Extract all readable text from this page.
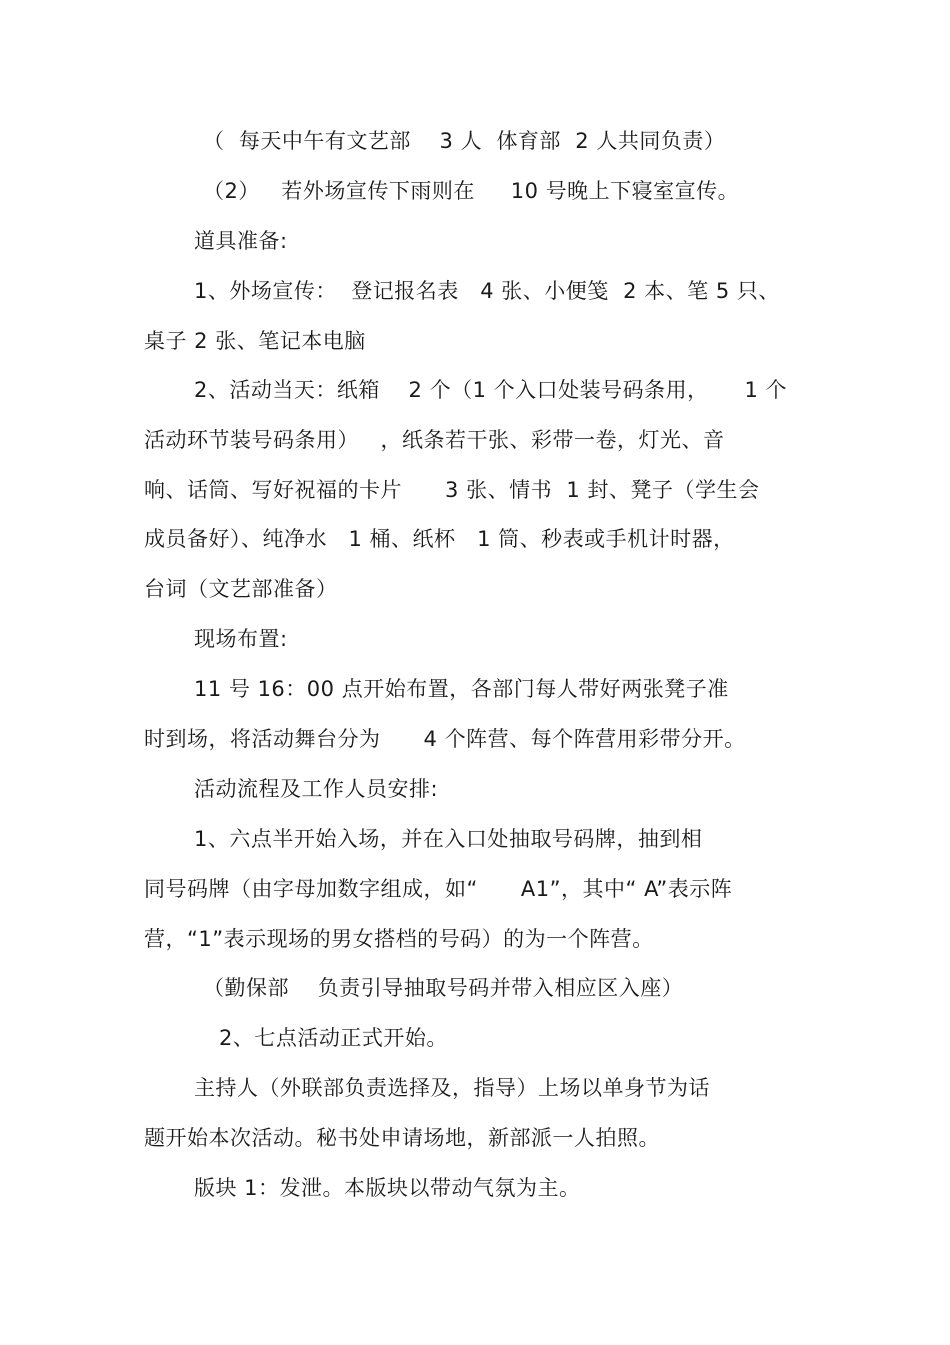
（  每天中午有文艺部    3 人  体育部  2 人共同负责）
（2）   若外场宣传下雨则在     10 号晚上下寝室宣传。
道具准备:
1、外场宣传：  登记报名表   4 张、小便笺  2 本、笔 5 只、
桌子 2 张、笔记本电脑
2、活动当天：纸箱    2 个（1 个入口处装号码条用，     1 个
活动环节装号码条用）   ，纸条若干张、彩带一卷，灯光、音
响、话筒、写好祝福的卡片      3 张、情书  1 封、凳子（学生会
成员备好）、纯净水   1 桶、纸杯   1 筒、秒表或手机计时器，
台词（文艺部准备）
现场布置:
11 号 16：00 点开始布置，各部门每人带好两张凳子准
时到场，将活动舞台分为      4 个阵营、每个阵营用彩带分开。
活动流程及工作人员安排:
1、六点半开始入场，并在入口处抽取号码牌，抽到相
同号码牌（由字母加数字组成，如“      A1”，其中“ A”表示阵
营，“1”表示现场的男女搭档的号码）的为一个阵营。
（勤保部    负责引导抽取号码并带入相应区入座）
2、七点活动正式开始。
主持人（外联部负责选择及，指导）上场以单身节为话
题开始本次活动。秘书处申请场地，新部派一人拍照。
版块 1：发泄。本版块以带动气氛为主。
